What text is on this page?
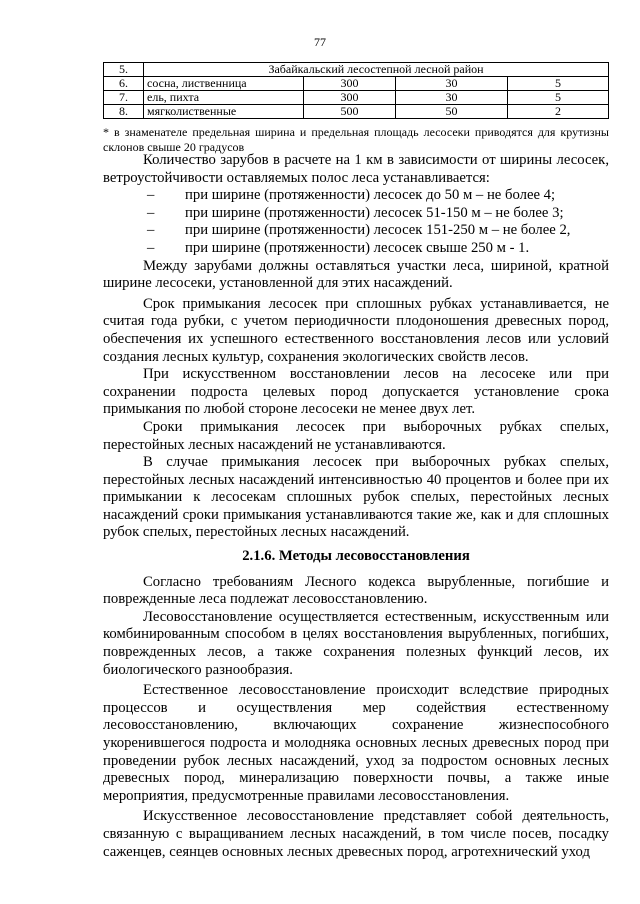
77
5.	Забайкальский лесостепной лесной район			
6.	сосна, лиственница	300	30	5
7.	ель, пихта	300	30	5
8.	мягколиственные	500	50	2
* в знаменателе предельная ширина и предельная площадь лесосеки приводятся для крутизны склонов свыше 20 градусов

Количество зарубов в расчете на 1 км в зависимости от ширины лесосек, ветроустойчивости оставляемых полос леса устанавливается:

– при ширине (протяженности) лесосек до 50 м – не более 4;

– при ширине (протяженности) лесосек 51-150 м – не более 3;

– при ширине (протяженности) лесосек 151-250 м – не более 2,

– при ширине (протяженности) лесосек свыше 250 м - 1.

Между зарубами должны оставляться участки леса, шириной, кратной ширине лесосеки, установленной для этих насаждений.

Срок примыкания лесосек при сплошных рубках устанавливается, не считая года рубки, с учетом периодичности плодоношения древесных пород, обеспечения их успешного естественного восстановления лесов или условий создания лесных культур, сохранения экологических свойств лесов.

При искусственном восстановлении лесов на лесосеке или при сохранении подроста целевых пород допускается установление срока примыкания по любой стороне лесосеки не менее двух лет.

Сроки примыкания лесосек при выборочных рубках спелых, перестойных лесных насаждений не устанавливаются.

В случае примыкания лесосек при выборочных рубках спелых, перестойных лесных насаждений интенсивностью 40 процентов и более при их примыкании к лесосекам сплошных рубок спелых, перестойных лесных насаждений сроки примыкания устанавливаются такие же, как и для сплошных рубок спелых, перестойных лесных насаждений.

2.1.6. Методы лесовосстановления

Согласно требованиям Лесного кодекса вырубленные, погибшие и поврежденные леса подлежат лесовосстановлению.

Лесовосстановление осуществляется естественным, искусственным или комбинированным способом в целях восстановления вырубленных, погибших, поврежденных лесов, а также сохранения полезных функций лесов, их биологического разнообразия.

Естественное лесовосстановление происходит вследствие природных процессов и осуществления мер содействия естественному лесовосстановлению, включающих сохранение жизнеспособного укоренившегося подроста и молодняка основных лесных древесных пород при проведении рубок лесных насаждений, уход за подростом основных лесных древесных пород, минерализацию поверхности почвы, а также иные мероприятия, предусмотренные правилами лесовосстановления.

Искусственное лесовосстановление представляет собой деятельность, связанную с выращиванием лесных насаждений, в том числе посев, посадку саженцев, сеянцев основных лесных древесных пород, агротехнический уход
